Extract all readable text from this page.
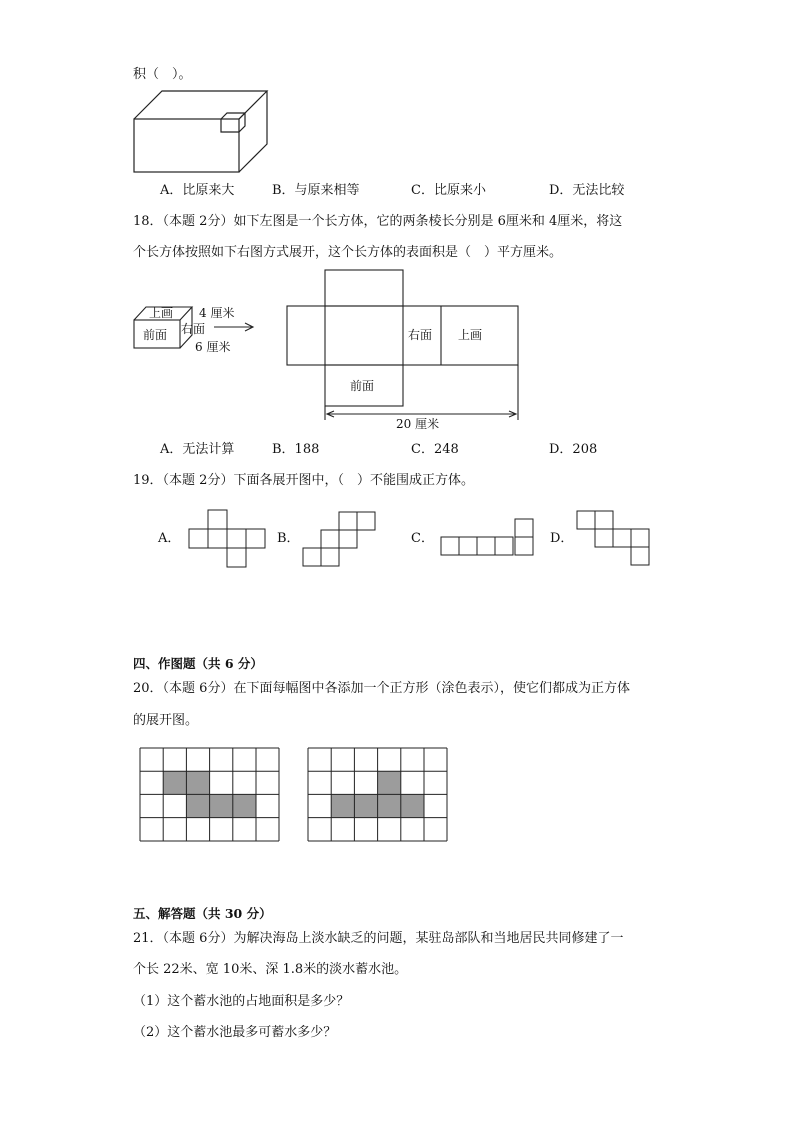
积（　）。
A．比原来大	B．与原来相等	C．比原来小	D．无法比较
18．（本题 2分）如下左图是一个长方体，它的两条棱长分别是 6厘米和 4厘米，将这
个长方体按照如下右图方式展开，这个长方体的表面积是（　）平方厘米。
上画
前面 右面
4 厘米
6 厘米
右面 上画
前面
20 厘米
A．无法计算	B．188	C．248	D．208
19．（本题 2分）下面各展开图中，（　）不能围成正方体。
A．	B．	C．	D．
四、作图题（共 6 分）
20．（本题 6分）在下面每幅图中各添加一个正方形（涂色表示），使它们都成为正方体
的展开图。
五、解答题（共 30 分）
21．（本题 6分）为解决海岛上淡水缺乏的问题，某驻岛部队和当地居民共同修建了一
个长 22米、宽 10米、深 1.8米的淡水蓄水池。
（1）这个蓄水池的占地面积是多少？
（2）这个蓄水池最多可蓄水多少？
